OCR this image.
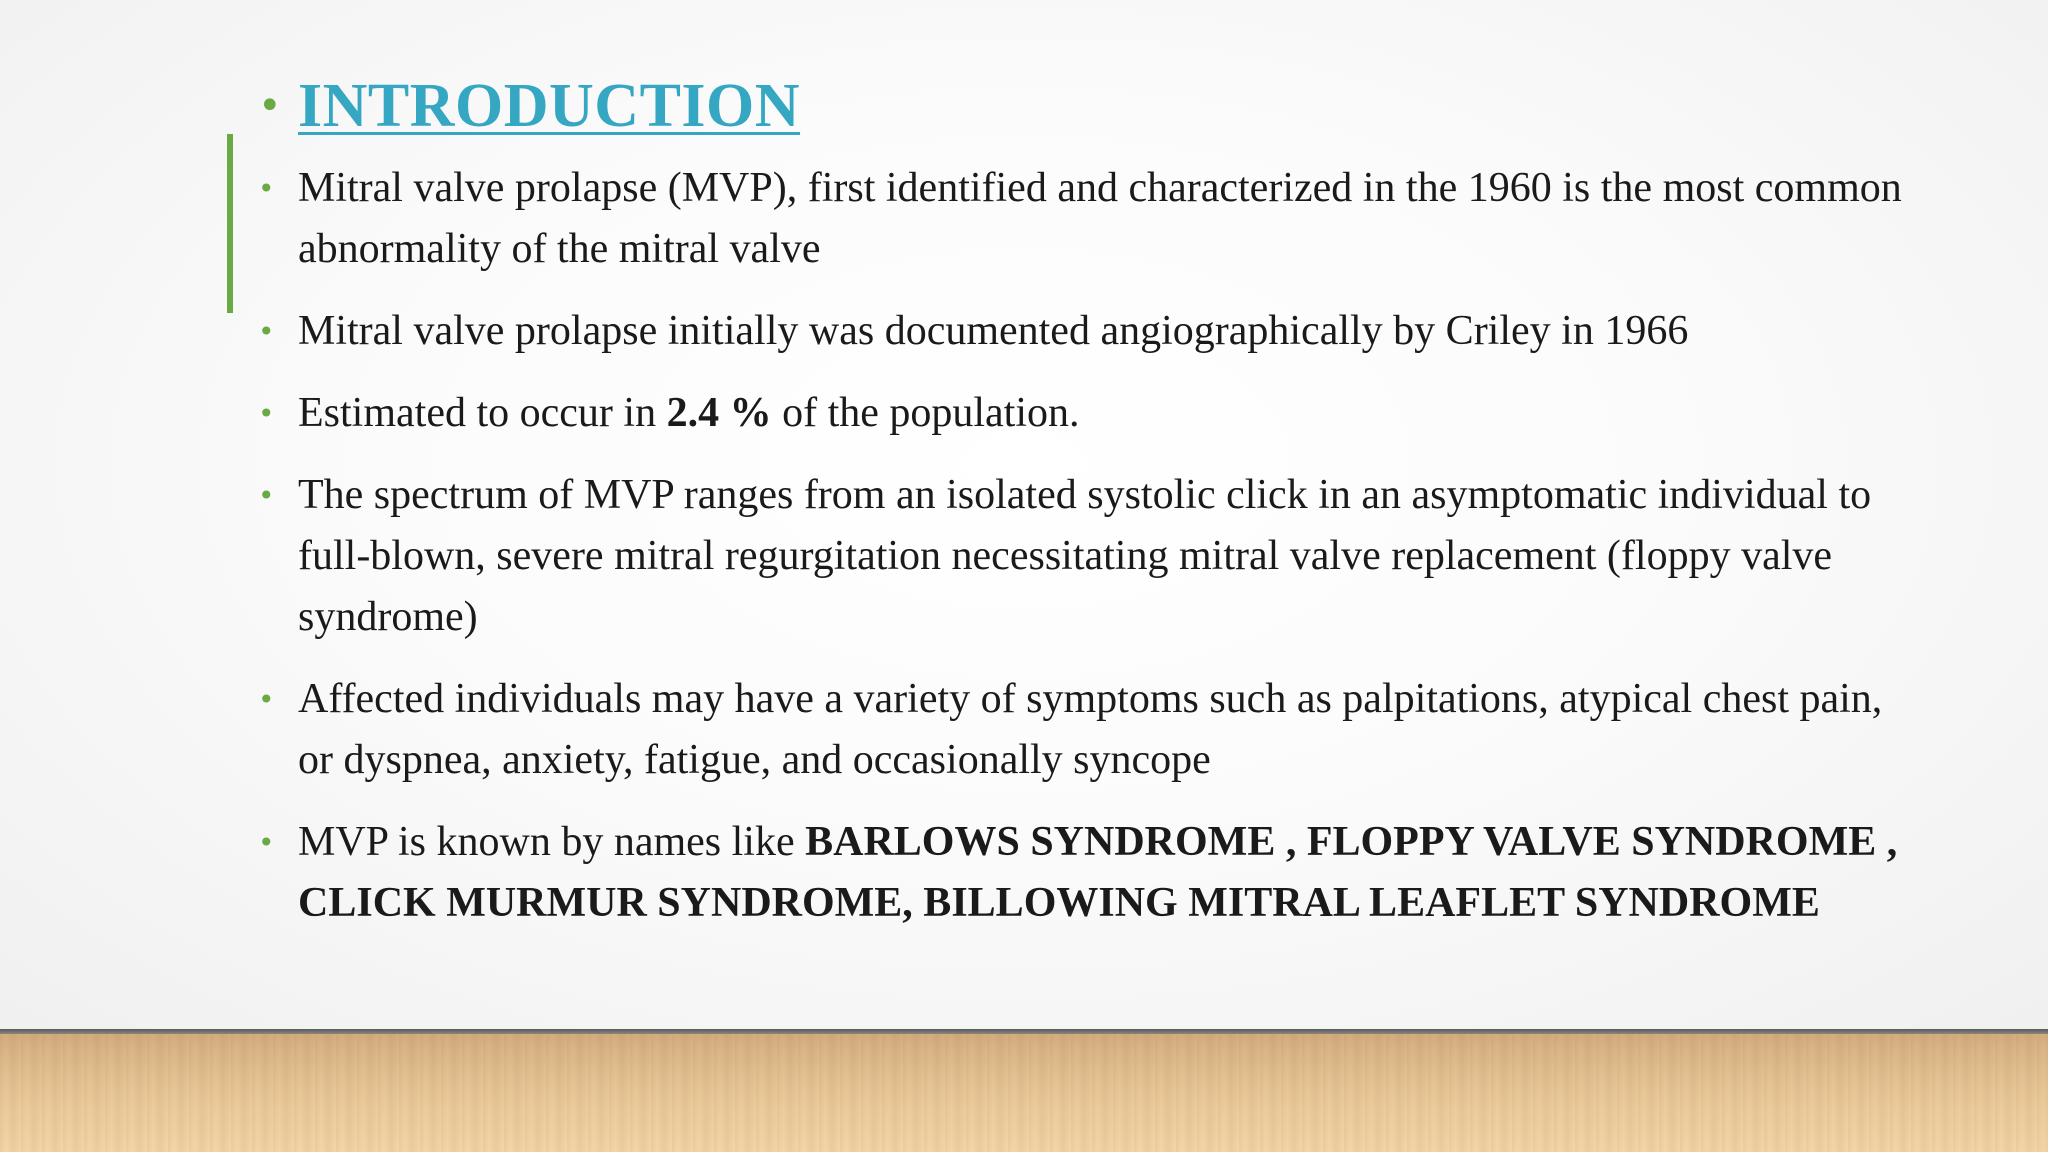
• INTRODUCTION
• Mitral valve prolapse (MVP), first identified and characterized in the 1960 is the most common abnormality of the mitral valve
• Mitral valve prolapse initially was documented angiographically by Criley in 1966
• Estimated to occur in 2.4 % of the population.
• The spectrum of MVP ranges from an isolated systolic click in an asymptomatic individual to full-blown, severe mitral regurgitation necessitating mitral valve replacement (floppy valve syndrome)
• Affected individuals may have a variety of symptoms such as palpitations, atypical chest pain, or dyspnea, anxiety, fatigue, and occasionally syncope
• MVP is known by names like BARLOWS SYNDROME , FLOPPY VALVE SYNDROME , CLICK MURMUR SYNDROME, BILLOWING MITRAL LEAFLET SYNDROME
